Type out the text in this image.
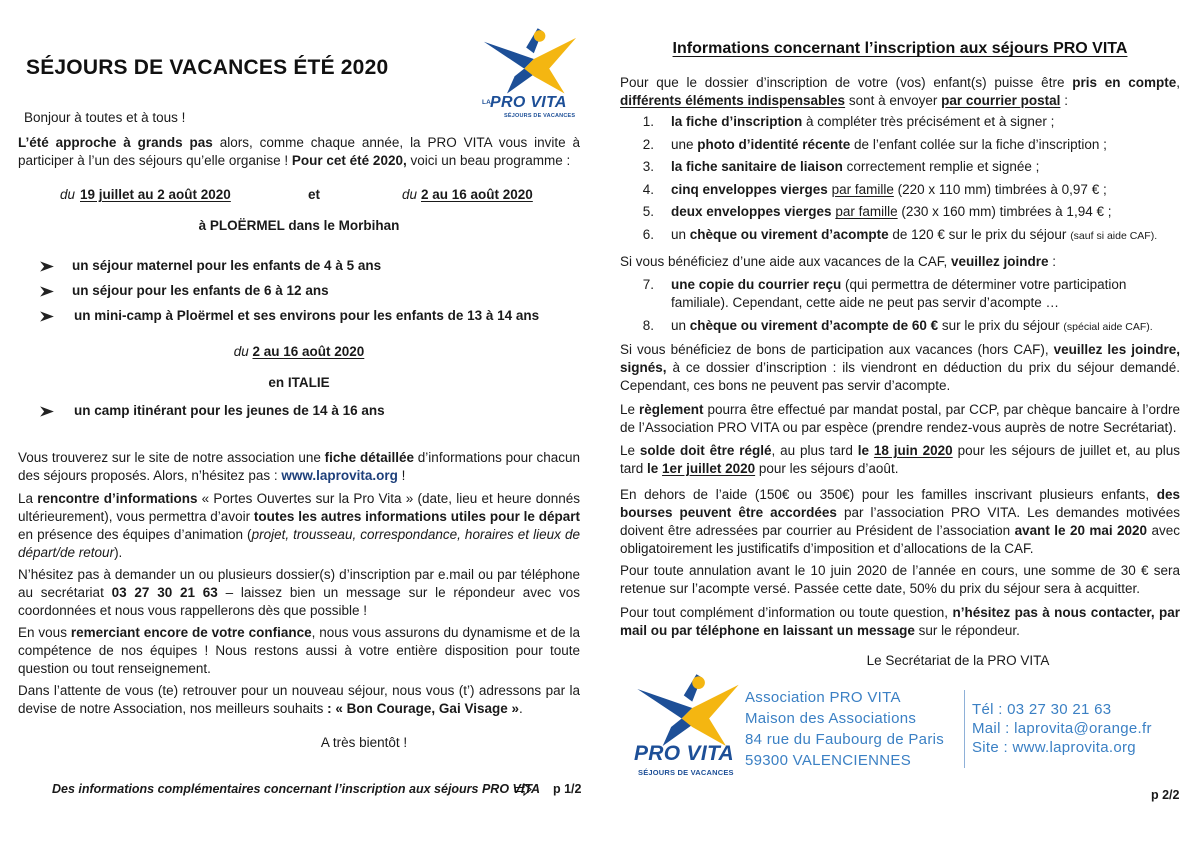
SÉJOURS DE VACANCES ÉTÉ 2020
LA
PRO VITA
SÉJOURS DE VACANCES
Bonjour à toutes et à tous !
L’été approche à grands pas alors, comme chaque année, la PRO VITA vous invite à participer à l’un des séjours qu’elle organise ! Pour cet été 2020, voici un beau programme :
du 19 juillet au 2 août 2020	et	du 2 au 16 août 2020
à PLOËRMEL dans le Morbihan
un séjour maternel pour les enfants de 4 à 5 ans
un séjour pour les enfants de 6 à 12 ans
un mini-camp à Ploërmel et ses environs pour les enfants de 13 à 14 ans
du 2 au 16 août 2020
en ITALIE
un camp itinérant pour les jeunes de 14 à 16 ans
Vous trouverez sur le site de notre association une fiche détaillée d’informations pour chacun des séjours proposés. Alors, n’hésitez pas : www.laprovita.org !
La rencontre d’informations « Portes Ouvertes sur la Pro Vita » (date, lieu et heure donnés ultérieurement), vous permettra d’avoir toutes les autres informations utiles pour le départ en présence des équipes d’animation (projet, trousseau, correspondance, horaires et lieux de départ/de retour).
N’hésitez pas à demander un ou plusieurs dossier(s) d’inscription par e.mail ou par téléphone au secrétariat 03 27 30 21 63 – laissez bien un message sur le répondeur avec vos coordonnées et nous vous rappellerons dès que possible !
En vous remerciant encore de votre confiance, nous vous assurons du dynamisme et de la compétence de nos équipes ! Nous restons aussi à votre entière disposition pour toute question ou tout renseignement.
Dans l’attente de vous (te) retrouver pour un nouveau séjour, nous vous (t’) adressons par la devise de notre Association, nos meilleurs souhaits : « Bon Courage, Gai Visage ».
A très bientôt !
Des informations complémentaires concernant l’inscription aux séjours PRO VITA p 1/2
Informations concernant l’inscription aux séjours PRO VITA
Pour que le dossier d’inscription de votre (vos) enfant(s) puisse être pris en compte, différents éléments indispensables sont à envoyer par courrier postal :
1. la fiche d’inscription à compléter très précisément et à signer ;
2. une photo d’identité récente de l’enfant collée sur la fiche d’inscription ;
3. la fiche sanitaire de liaison correctement remplie et signée ;
4. cinq enveloppes vierges par famille (220 x 110 mm) timbrées à 0,97 € ;
5. deux enveloppes vierges par famille (230 x 160 mm) timbrées à 1,94 € ;
6. un chèque ou virement d’acompte de 120 € sur le prix du séjour (sauf si aide CAF).
Si vous bénéficiez d’une aide aux vacances de la CAF, veuillez joindre :
7. une copie du courrier reçu (qui permettra de déterminer votre participation familiale). Cependant, cette aide ne peut pas servir d’acompte …
8. un chèque ou virement d’acompte de 60 € sur le prix du séjour (spécial aide CAF).
Si vous bénéficiez de bons de participation aux vacances (hors CAF), veuillez les joindre, signés, à ce dossier d’inscription : ils viendront en déduction du prix du séjour demandé. Cependant, ces bons ne peuvent pas servir d’acompte.
Le règlement pourra être effectué par mandat postal, par CCP, par chèque bancaire à l’ordre de l’Association PRO VITA ou par espèce (prendre rendez-vous auprès de notre Secrétariat).
Le solde doit être réglé, au plus tard le 18 juin 2020 pour les séjours de juillet et, au plus tard le 1er juillet 2020 pour les séjours d’août.
En dehors de l’aide (150€ ou 350€) pour les familles inscrivant plusieurs enfants, des bourses peuvent être accordées par l’association PRO VITA. Les demandes motivées doivent être adressées par courrier au Président de l’association avant le 20 mai 2020 avec obligatoirement les justificatifs d’imposition et d’allocations de la CAF.
Pour toute annulation avant le 10 juin 2020 de l’année en cours, une somme de 30 € sera retenue sur l’acompte versé. Passée cette date, 50% du prix du séjour sera à acquitter.
Pour tout complément d’information ou toute question, n’hésitez pas à nous contacter, par mail ou par téléphone en laissant un message sur le répondeur.
Le Secrétariat de la PRO VITA
PRO VITA
SÉJOURS DE VACANCES
Association PRO VITA
Maison des Associations
84 rue du Faubourg de Paris
59300 VALENCIENNES
Tél : 03 27 30 21 63
Mail : laprovita@orange.fr
Site : www.laprovita.org
p 2/2
